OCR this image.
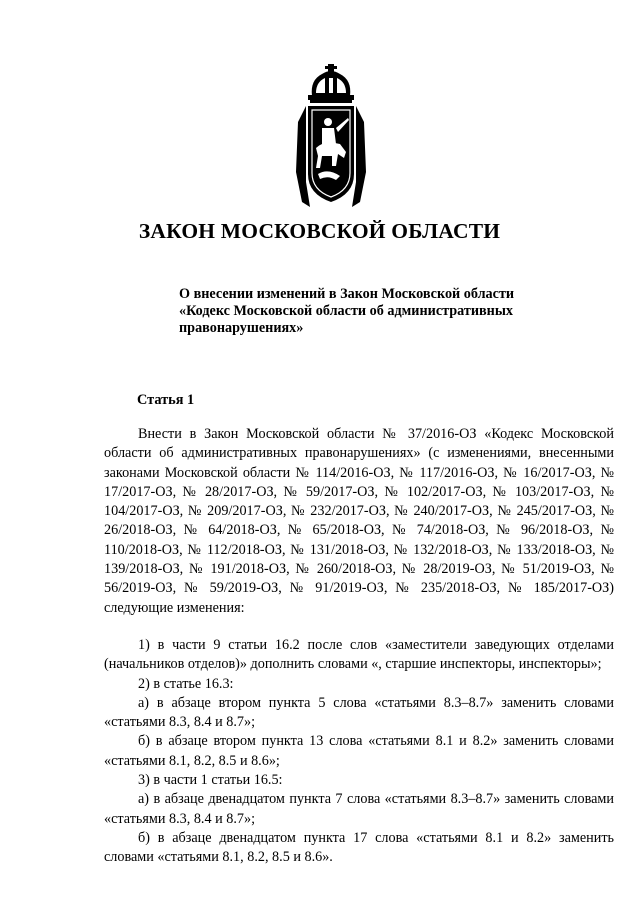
ЗАКОН МОСКОВСКОЙ ОБЛАСТИ
О внесении изменений в Закон Московской области
«Кодекс Московской области об административных
правонарушениях»
Статья 1

Внести в Закон Московской области № 37/2016-ОЗ «Кодекс Московской области об административных правонарушениях» (с изменениями, внесенными законами Московской области № 114/2016-ОЗ, № 117/2016-ОЗ, № 16/2017-ОЗ, № 17/2017-ОЗ, № 28/2017-ОЗ, № 59/2017-ОЗ, № 102/2017-ОЗ, № 103/2017-ОЗ, № 104/2017-ОЗ, № 209/2017-ОЗ, № 232/2017-ОЗ, № 240/2017-ОЗ, № 245/2017-ОЗ, № 26/2018-ОЗ, № 64/2018-ОЗ, № 65/2018-ОЗ, № 74/2018-ОЗ, № 96/2018-ОЗ, № 110/2018-ОЗ, № 112/2018-ОЗ, № 131/2018-ОЗ, № 132/2018-ОЗ, № 133/2018-ОЗ, № 139/2018-ОЗ, № 191/2018-ОЗ, № 260/2018-ОЗ, № 28/2019-ОЗ, № 51/2019-ОЗ, № 56/2019-ОЗ, № 59/2019-ОЗ, № 91/2019-ОЗ, № 235/2018-ОЗ, № 185/2017-ОЗ) следующие изменения:

1) в части 9 статьи 16.2 после слов «заместители заведующих отделами (начальников отделов)» дополнить словами «, старшие инспекторы, инспекторы»;

2) в статье 16.3:

а) в абзаце втором пункта 5 слова «статьями 8.3–8.7» заменить словами «статьями 8.3, 8.4 и 8.7»;

б) в абзаце втором пункта 13 слова «статьями 8.1 и 8.2» заменить словами «статьями 8.1, 8.2, 8.5 и 8.6»;

3) в части 1 статьи 16.5:

а) в абзаце двенадцатом пункта 7 слова «статьями 8.3–8.7» заменить словами «статьями 8.3, 8.4 и 8.7»;

б) в абзаце двенадцатом пункта 17 слова «статьями 8.1 и 8.2» заменить словами «статьями 8.1, 8.2, 8.5 и 8.6».
